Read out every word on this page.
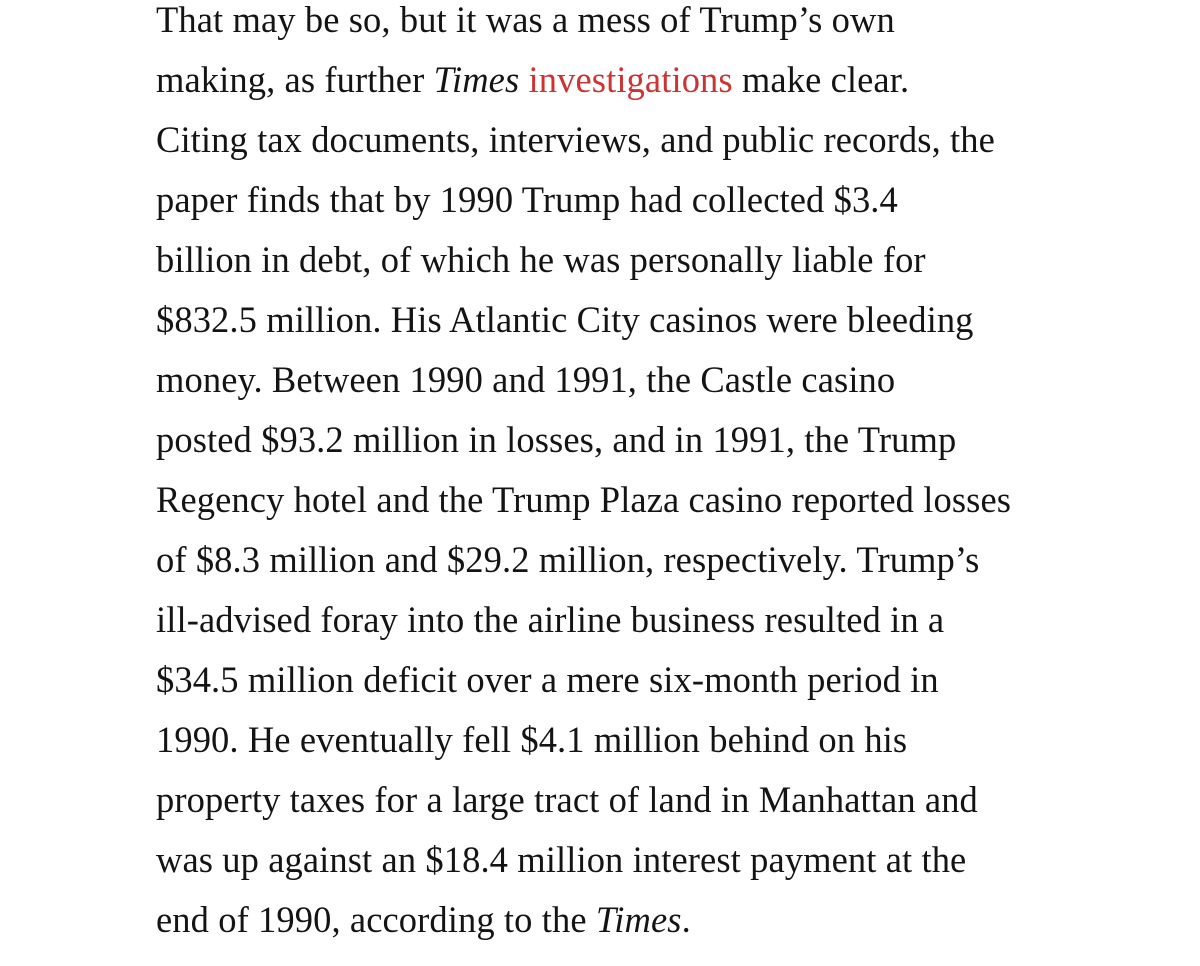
That may be so, but it was a mess of Trump’s own
making, as further Times investigations make clear.
Citing tax documents, interviews, and public records, the
paper finds that by 1990 Trump had collected $3.4
billion in debt, of which he was personally liable for
$832.5 million. His Atlantic City casinos were bleeding
money. Between 1990 and 1991, the Castle casino
posted $93.2 million in losses, and in 1991, the Trump
Regency hotel and the Trump Plaza casino reported losses
of $8.3 million and $29.2 million, respectively. Trump’s
ill-advised foray into the airline business resulted in a
$34.5 million deficit over a mere six-month period in
1990. He eventually fell $4.1 million behind on his
property taxes for a large tract of land in Manhattan and
was up against an $18.4 million interest payment at the
end of 1990, according to the Times.
